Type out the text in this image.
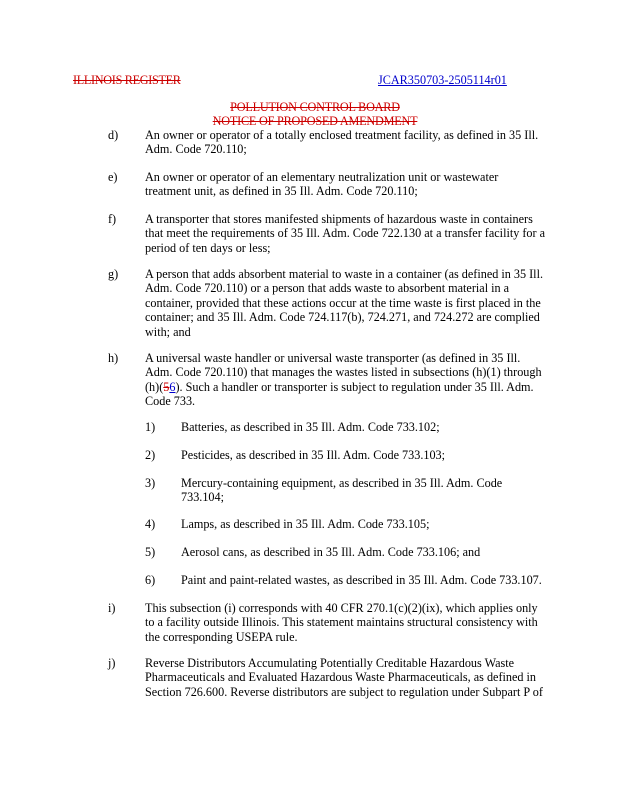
ILLINOIS REGISTER	JCAR350703-2505114r01
POLLUTION CONTROL BOARD
NOTICE OF PROPOSED AMENDMENT
d)	An owner or operator of a totally enclosed treatment facility, as defined in 35 Ill.
Adm. Code 720.110;
e)	An owner or operator of an elementary neutralization unit or wastewater
treatment unit, as defined in 35 Ill. Adm. Code 720.110;
f)	A transporter that stores manifested shipments of hazardous waste in containers
that meet the requirements of 35 Ill. Adm. Code 722.130 at a transfer facility for a
period of ten days or less;
g)	A person that adds absorbent material to waste in a container (as defined in 35 Ill.
Adm. Code 720.110) or a person that adds waste to absorbent material in a
container, provided that these actions occur at the time waste is first placed in the
container; and 35 Ill. Adm. Code 724.117(b), 724.271, and 724.272 are complied
with; and
h)	A universal waste handler or universal waste transporter (as defined in 35 Ill.
Adm. Code 720.110) that manages the wastes listed in subsections (h)(1) through
(h)(56). Such a handler or transporter is subject to regulation under 35 Ill. Adm.
Code 733.
1) Batteries, as described in 35 Ill. Adm. Code 733.102;
2) Pesticides, as described in 35 Ill. Adm. Code 733.103;
3) Mercury-containing equipment, as described in 35 Ill. Adm. Code
733.104;
4) Lamps, as described in 35 Ill. Adm. Code 733.105;
5) Aerosol cans, as described in 35 Ill. Adm. Code 733.106; and
6) Paint and paint-related wastes, as described in 35 Ill. Adm. Code 733.107.
i)	This subsection (i) corresponds with 40 CFR 270.1(c)(2)(ix), which applies only
to a facility outside Illinois. This statement maintains structural consistency with
the corresponding USEPA rule.
j)	Reverse Distributors Accumulating Potentially Creditable Hazardous Waste
Pharmaceuticals and Evaluated Hazardous Waste Pharmaceuticals, as defined in
Section 726.600. Reverse distributors are subject to regulation under Subpart P of
